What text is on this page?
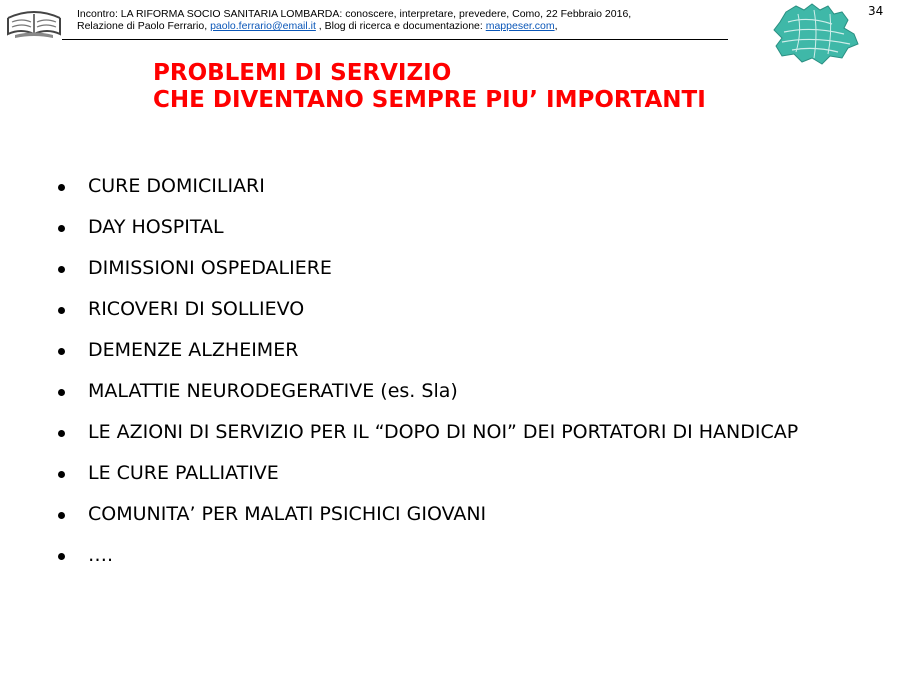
Incontro: LA RIFORMA SOCIO SANITARIA LOMBARDA: conoscere, interpretare, prevedere, Como, 22 Febbraio 2016,
Relazione di Paolo Ferrario, paolo.ferrario@email.it , Blog di ricerca e documentazione: mappeser.com,
34
PROBLEMI DI SERVIZIO
CHE DIVENTANO SEMPRE PIU’ IMPORTANTI
CURE DOMICILIARI
DAY HOSPITAL
DIMISSIONI OSPEDALIERE
RICOVERI DI SOLLIEVO
DEMENZE ALZHEIMER
MALATTIE NEURODEGERATIVE (es. Sla)
LE AZIONI DI SERVIZIO PER IL “DOPO DI NOI” DEI PORTATORI DI HANDICAP
LE CURE PALLIATIVE
COMUNITA’ PER MALATI PSICHICI GIOVANI
….
